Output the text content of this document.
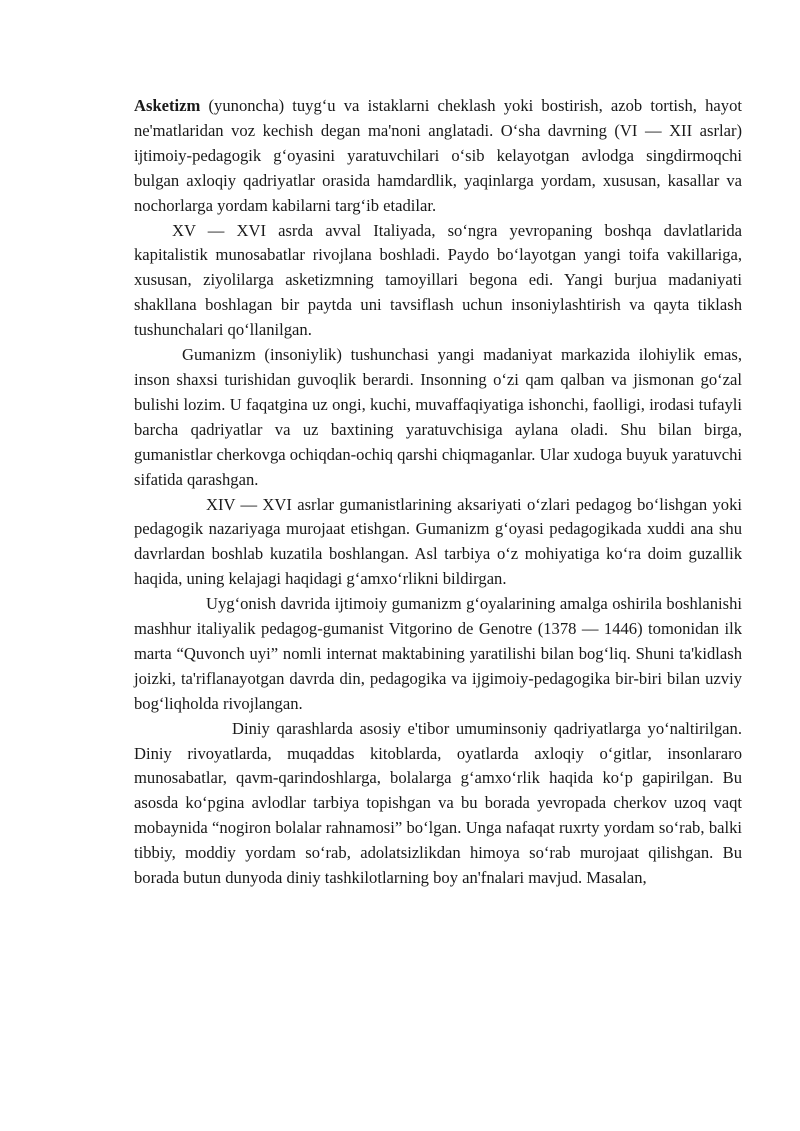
Asketizm (yunoncha) tuyg‘u va istaklarni cheklash yoki bostirish, azob tortish, hayot ne'matlaridan voz kechish degan ma'noni anglatadi. O‘sha davrning (VI — XII asrlar) ijtimoiy-pedagogik g‘oyasini yaratuvchilari o‘sib kelayotgan avlodga singdirmoqchi bulgan axloqiy qadriyatlar orasida hamdardlik, yaqinlarga yordam, xususan, kasallar va nochorlarga yordam kabilarni targ‘ib etadilar.

XV — XVI asrda avval Italiyada, so‘ngra yevropaning boshqa davlatlarida kapitalistik munosabatlar rivojlana boshladi. Paydo bo‘layotgan yangi toifa vakillariga, xususan, ziyolilarga asketizmning tamoyillari begona edi. Yangi burjua madaniyati shakllana boshlagan bir paytda uni tavsiflash uchun insoniylashtirish va qayta tiklash tushunchalari qo‘llanilgan.

Gumanizm (insoniylik) tushunchasi yangi madaniyat markazida ilohiylik emas, inson shaxsi turishidan guvoqlik berardi. Insonning o‘zi qam qalban va jismonan go‘zal bulishi lozim. U faqatgina uz ongi, kuchi, muvaffaqiyatiga ishonchi, faolligi, irodasi tufayli barcha qadriyatlar va uz baxtining yaratuvchisiga aylana oladi. Shu bilan birga, gumanistlar cherkovga ochiqdan-ochiq qarshi chiqmaganlar. Ular xudoga buyuk yaratuvchi sifatida qarashgan.

XIV — XVI asrlar gumanistlarining aksariyati o‘zlari pedagog bo‘lishgan yoki pedagogik nazariyaga murojaat etishgan. Gumanizm g‘oyasi pedagogikada xuddi ana shu davrlardan boshlab kuzatila boshlangan. Asl tarbiya o‘z mohiyatiga ko‘ra doim guzallik haqida, uning kelajagi haqidagi g‘amxo‘rlikni bildirgan.

Uyg‘onish davrida ijtimoiy gumanizm g‘oyalarining amalga oshirila boshlanishi mashhur italiyalik pedagog-gumanist Vitgorino de Genotre (1378 — 1446) tomonidan ilk marta “Quvonch uyi” nomli internat maktabining yaratilishi bilan bog‘liq. Shuni ta'kidlash joizki, ta'riflanayotgan davrda din, pedagogika va ijgimoiy-pedagogika bir-biri bilan uzviy bog‘liqholda rivojlangan.

Diniy qarashlarda asosiy e'tibor umuminsoniy qadriyatlarga yo‘naltirilgan. Diniy rivoyatlarda, muqaddas kitoblarda, oyatlarda axloqiy o‘gitlar, insonlararo munosabatlar, qavm-qarindoshlarga, bolalarga g‘amxo‘rlik haqida ko‘p gapirilgan. Bu asosda ko‘pgina avlodlar tarbiya topishgan va bu borada yevropada cherkov uzoq vaqt mobaynida “nogiron bolalar rahnamosi” bo‘lgan. Unga nafaqat ruxrty yordam so‘rab, balki tibbiy, moddiy yordam so‘rab, adolatsizlikdan himoya so‘rab murojaat qilishgan. Bu borada butun dunyoda diniy tashkilotlarning boy an'fnalari mavjud. Masalan,
